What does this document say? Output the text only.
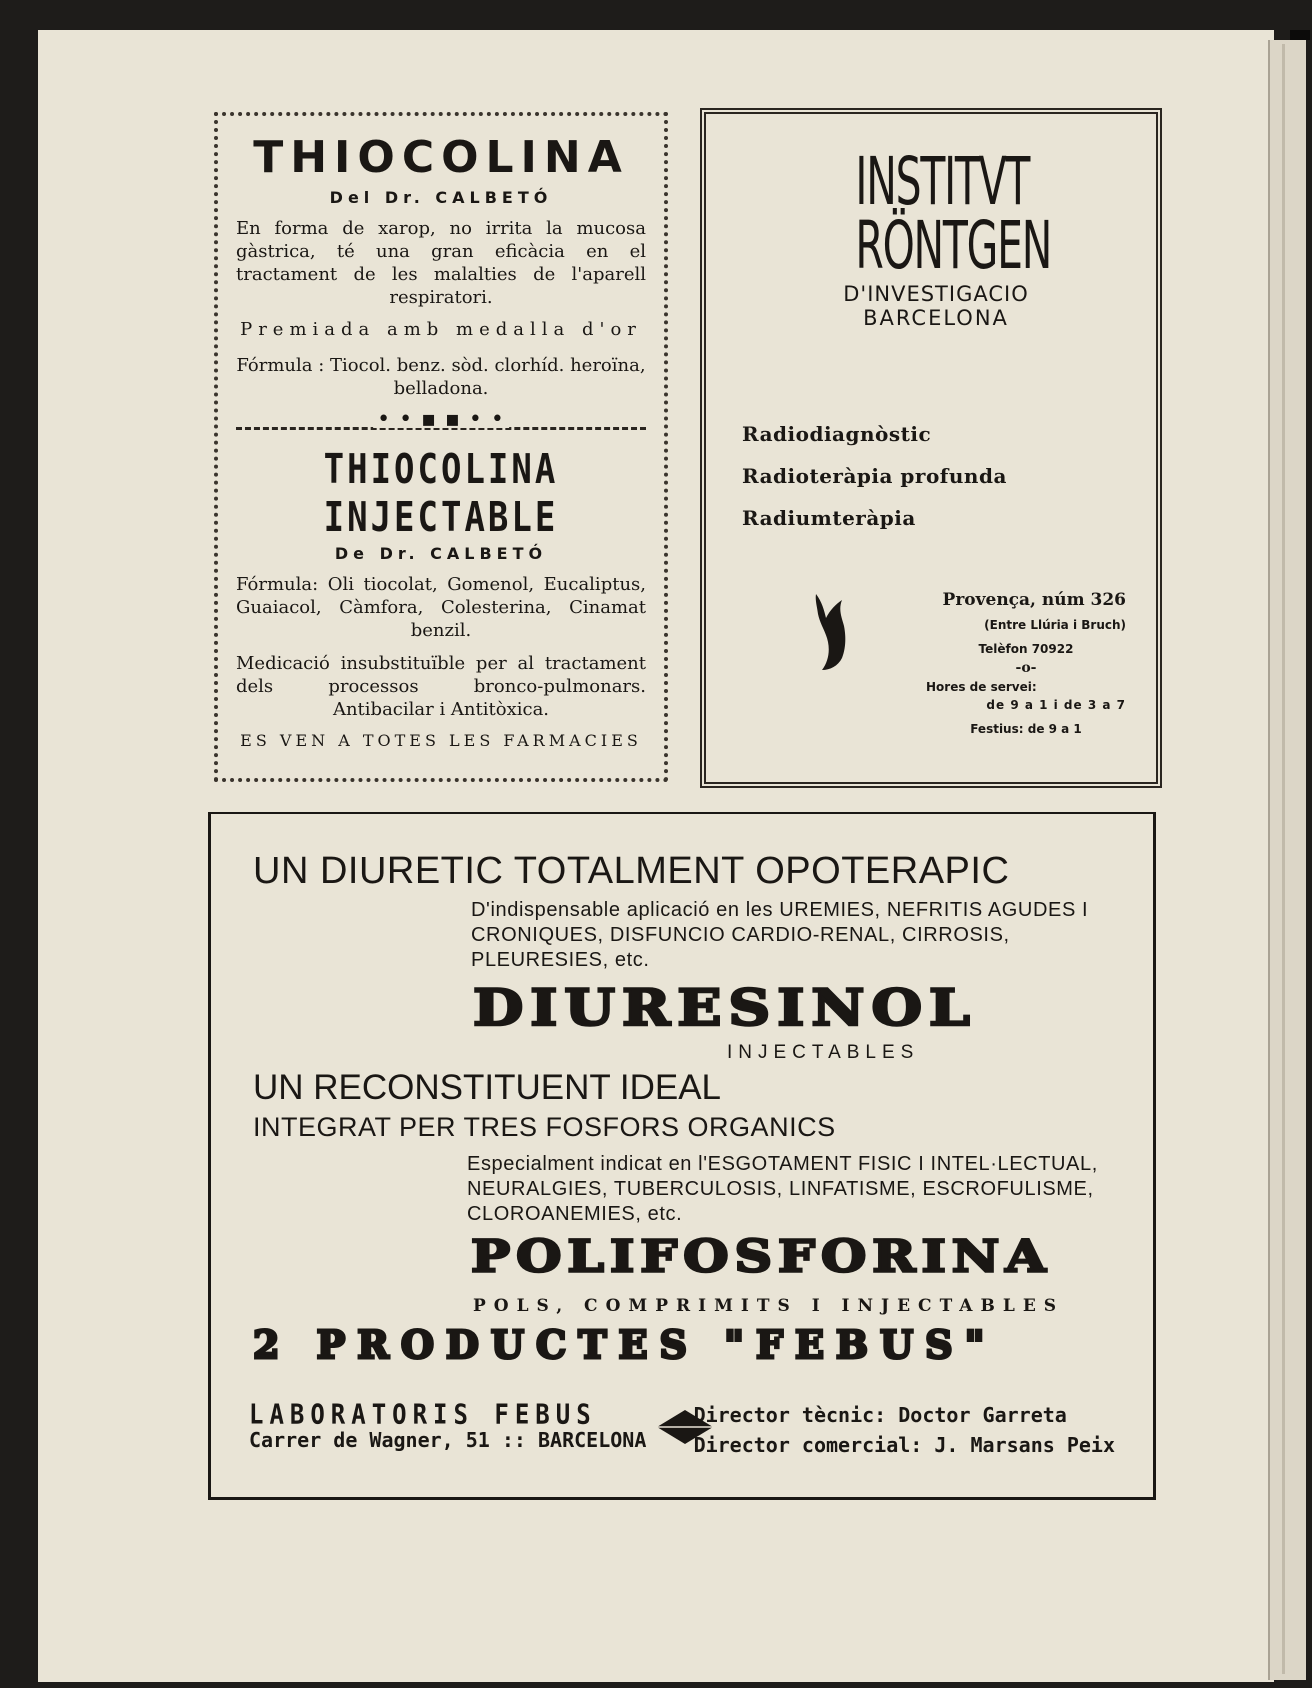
THIOCOLINA
Del Dr. CALBETÓ

En forma de xarop, no irrita la mucosa gàstrica, té una gran eficàcia en el tractament de les malalties de l'aparell respiratori.

Premiada amb medalla d'or

Fórmula : Tiocol. benz. sòd. clorhíd. heroïna, belladona.

• • ▪ ▪ • •
THIOCOLINA INJECTABLE
De Dr. CALBETÓ

Fórmula: Oli tiocolat, Gomenol, Eucaliptus, Guaiacol, Càmfora, Colesterina, Cinamat benzil.

Medicació insubstituïble per al tractament dels processos bronco-pulmonars. Antibacilar i Antitòxica.

ES VEN A TOTES LES FARMACIES
INSTITVT
RÖNTGEN
D'INVESTIGACIO
BARCELONA
Radiodiagnòstic
Radioteràpia profunda
Radiumteràpia
Provença, núm 326
(Entre Llúria i Bruch)
Telèfon 70922
-o-
Hores de servei:
de 9 a 1 i de 3 a 7
Festius: de 9 a 1
UN DIURETIC TOTALMENT OPOTERAPIC
D'indispensable aplicació en les UREMIES, NEFRITIS AGUDES I CRONIQUES, DISFUNCIO CARDIO-RENAL, CIRROSIS, PLEURESIES, etc.
DIURESINOL
INJECTABLES
UN RECONSTITUENT IDEAL
INTEGRAT PER TRES FOSFORS ORGANICS
Especialment indicat en l'ESGOTAMENT FISIC I INTEL·LECTUAL, NEURALGIES, TUBERCULOSIS, LINFATISME, ESCROFULISME, CLOROANEMIES, etc.
POLIFOSFORINA
POLS, COMPRIMITS I INJECTABLES
2 PRODUCTES "FEBUS"
LABORATORIS FEBUS
Carrer de Wagner, 51 :: BARCELONA
Director tècnic: Doctor Garreta
Director comercial: J. Marsans Peix
